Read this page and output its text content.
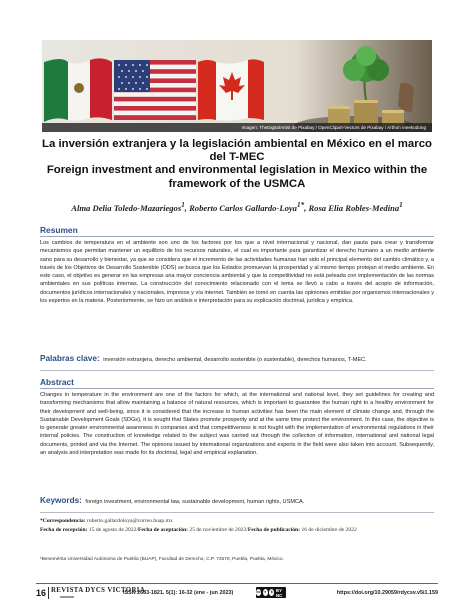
Imagen: TheDigitalArtist de Pixabay / OpenClipart-Vectors de Pixabay / Arthon meekodong
La inversión extranjera y la legislación ambiental en México en el marco del T-MEC
Foreign investment and environmental legislation in Mexico within the framework of the USMCA
Alma Delia Toledo-Mazariegos$^1$, Roberto Carlos Gallardo-Loya$^{1*}$, Rosa Elia Robles-Medina$^1$
Resumen
Los cambios de temperatura en el ambiente son uno de los factores por los que a nivel internacional y nacional, dan pauta para crear y transformar mecanismos que permitan mantener un equilibrio de los recursos naturales, el cual es importante para garantizar el derecho humano a un medio ambiente sano para su desarrollo y bienestar, ya que se considera que el incremento de las actividades humanas han sido el principal elemento del cambio climático y, a través de los Objetivos de Desarrollo Sostenible (ODS) se busca que los Estados promuevan la prosperidad y al mismo tiempo protejan el medio ambiente. En este caso, el objetivo es generar en las empresas una mayor conciencia ambiental y que la competitividad no está peleada con implementación de las normas ambientales en sus políticas internas. La construcción del conocimiento relacionado con el tema se llevó a cabo a través del acopio de información, documentos jurídicos internacionales y nacionales, impresos y vía internet. También se tomó en cuenta las opiniones emitidas por organismos internacionales y los expertos en la materia. Posteriormente, se hizo un análisis e interpretación para su explicación doctrinal, jurídica y empírica.
Palabras clave: inversión extranjera, derecho ambiental, desarrollo sostenible (o sustentable), derechos humanos, T-MEC.
Abstract
Changes in temperature in the environment are one of the factors for which, at the international and national level, they set guidelines for creating and transforming mechanisms that allow maintaining a balance of natural resources, which is important to guarantee the human right to a healthy environment for their development and well-being, since it is considered that the increase in human activities has been the main element of climate change and, through the Sustainable Development Goals (SDGs), it is sought that States promote prosperity and at the same time protect the environment. In this case, the objective is to generate greater environmental awareness in companies and that competitiveness is not fought with the implementation of environmental regulations in their internal policies. The construction of knowledge related to the subject was carried out through the collection of information, international and national legal documents, printed and via the Internet. The opinions issued by international organizations and experts in the field were also taken into account. Subsequently, an analysis and interpretation was made for its doctrinal, legal and empirical explanation.
Keywords: foreign investment, environmental law, sustainable development, human rights, USMCA.
*Correspondencia: roberto.gallardoloya@correo.buap.mx
Fecha de recepción: 15 de agosto de 2022/Fecha de aceptación: 25 de noviembre de 2022/Fecha de publicación: 16 de diciembre de 2022
¹Benemérita Universidad Autónoma de Puebla (BUAP), Facultad de Derecho, C.P. 72570, Puebla, Puebla, México.
16 REVISTA DYCS VICTORIA
ISSN 2683-1821. 5(1): 16-32 (ene - jun 2023)	cc ●	$ BY NC	https://doi.org/10.29059/rdycsv.v5i1.159
